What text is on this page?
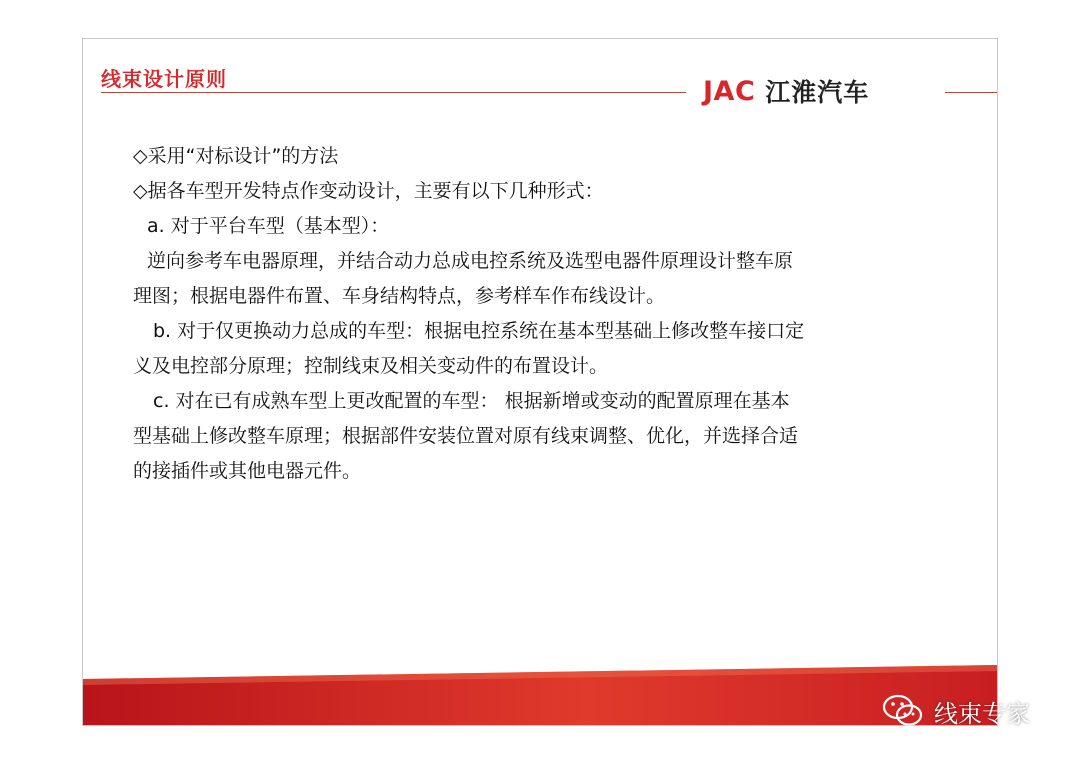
线束设计原则	JAC 江淮汽车
◇采用“对标设计”的方法
◇据各车型开发特点作变动设计，主要有以下几种形式：
a. 对于平台车型（基本型）：
逆向参考车电器原理，并结合动力总成电控系统及选型电器件原理设计整车原
理图；根据电器件布置、车身结构特点，参考样车作布线设计。
b. 对于仅更换动力总成的车型：根据电控系统在基本型基础上修改整车接口定
义及电控部分原理；控制线束及相关变动件的布置设计。
c. 对在已有成熟车型上更改配置的车型： 根据新增或变动的配置原理在基本
型基础上修改整车原理；根据部件安装位置对原有线束调整、优化，并选择合适
的接插件或其他电器元件。
线束专家
